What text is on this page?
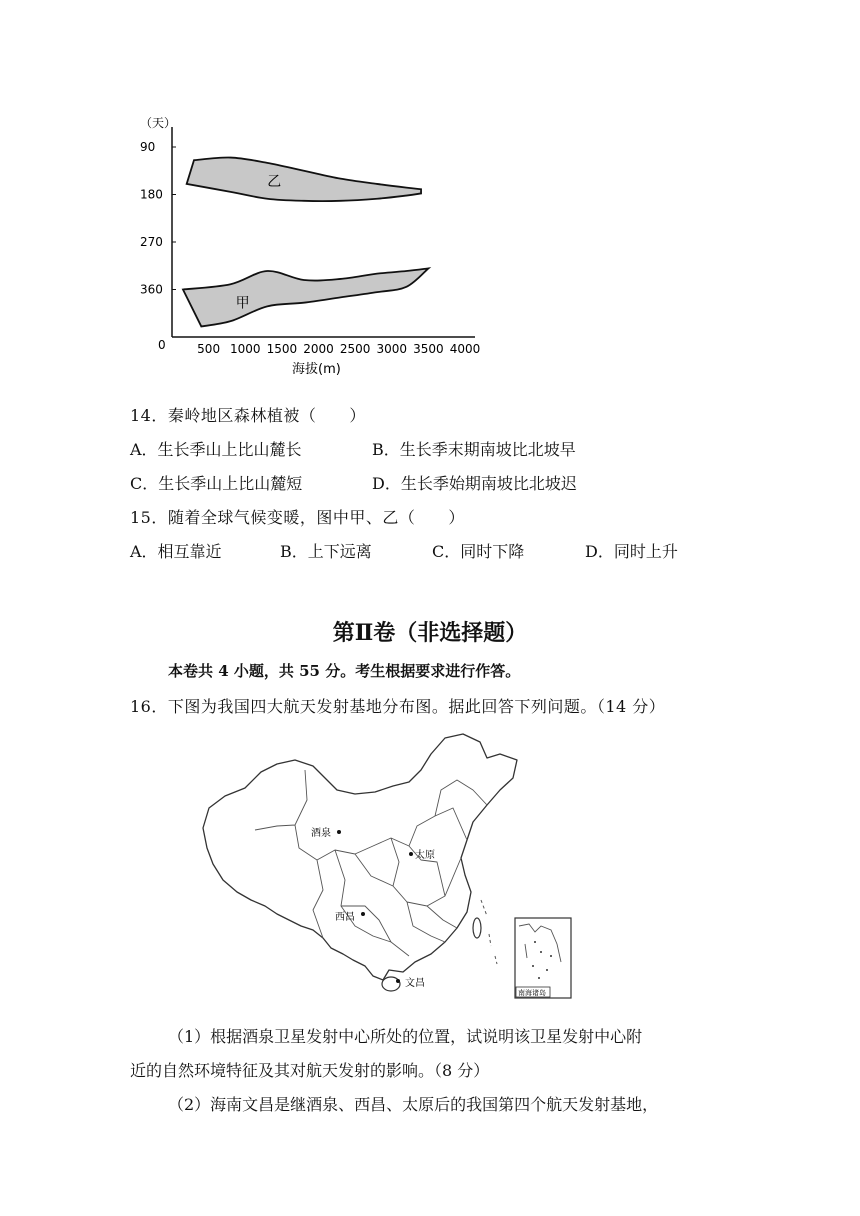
360
270
180
90
500 1000 1500 2000 2500 3000 3500 4000
乙
甲
（天）
海拔(m)
0
14．秦岭地区森林植被（　　）
A．生长季山上比山麓长	B．生长季末期南坡比北坡早
C．生长季山上比山麓短	D．生长季始期南坡比北坡迟
15．随着全球气候变暖，图中甲、乙（　　）
A．相互靠近	B．上下远离	C．同时下降	D．同时上升
第Ⅱ卷（非选择题）
本卷共 4 小题，共 55 分。考生根据要求进行作答。
16．下图为我国四大航天发射基地分布图。据此回答下列问题。（14 分）
酒泉
太原
西昌
文昌
南海诸岛
（1）根据酒泉卫星发射中心所处的位置，试说明该卫星发射中心附
近的自然环境特征及其对航天发射的影响。（8 分）
（2）海南文昌是继酒泉、西昌、太原后的我国第四个航天发射基地，
